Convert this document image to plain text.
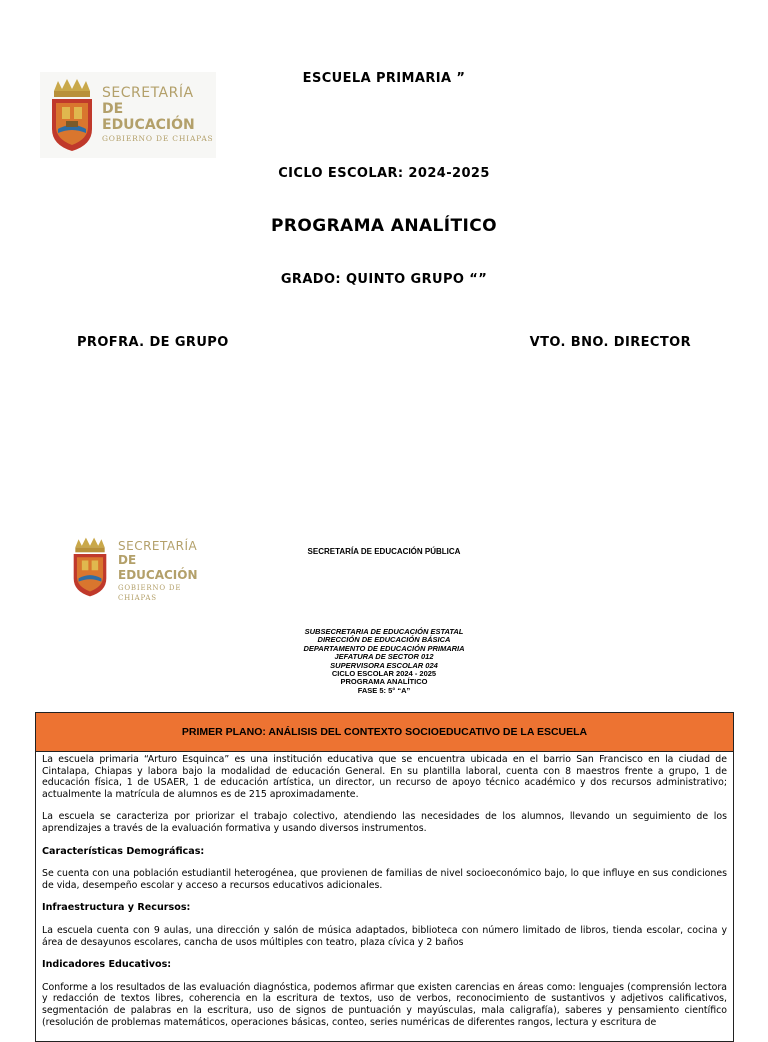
SECRETARÍA
DE EDUCACIÓN
GOBIERNO DE CHIAPAS
ESCUELA PRIMARIA ”
CICLO ESCOLAR: 2024-2025
PROGRAMA ANALÍTICO
GRADO: QUINTO GRUPO “”
PROFRA. DE GRUPO	VTO. BNO. DIRECTOR
SECRETARÍA
DE EDUCACIÓN
GOBIERNO DE CHIAPAS
SECRETARÍA DE EDUCACIÓN PÚBLICA
SUBSECRETARIA DE EDUCACIÓN ESTATAL
DIRECCIÓN DE EDUCACIÓN BÁSICA
DEPARTAMENTO DE EDUCACIÓN PRIMARIA
JEFATURA DE SECTOR 012
SUPERVISORA ESCOLAR 024
CICLO ESCOLAR 2024 - 2025
PROGRAMA ANALÍTICO
FASE 5: 5° “A”
PRIMER PLANO: ANÁLISIS DEL CONTEXTO SOCIOEDUCATIVO DE LA ESCUELA

La escuela primaria “Arturo Esquinca” es una institución educativa que se encuentra ubicada en el barrio San Francisco en la ciudad de Cintalapa, Chiapas y labora bajo la modalidad de educación General. En su plantilla laboral, cuenta con 8 maestros frente a grupo, 1 de educación física, 1 de USAER, 1 de educación artística, un director, un recurso de apoyo técnico académico y dos recursos administrativo; actualmente la matrícula de alumnos es de 215 aproximadamente.

La escuela se caracteriza por priorizar el trabajo colectivo, atendiendo las necesidades de los alumnos, llevando un seguimiento de los aprendizajes a través de la evaluación formativa y usando diversos instrumentos.

Características Demográficas:

Se cuenta con una población estudiantil heterogénea, que provienen de familias de nivel socioeconómico bajo, lo que influye en sus condiciones de vida, desempeño escolar y acceso a recursos educativos adicionales.

Infraestructura y Recursos:

La escuela cuenta con 9 aulas, una dirección y salón de música adaptados, biblioteca con número limitado de libros, tienda escolar, cocina y área de desayunos escolares, cancha de usos múltiples con teatro, plaza cívica y 2 baños

Indicadores Educativos:

Conforme a los resultados de las evaluación diagnóstica, podemos afirmar que existen carencias en áreas como: lenguajes (comprensión lectora y redacción de textos libres, coherencia en la escritura de textos, uso de verbos, reconocimiento de sustantivos y adjetivos calificativos, segmentación de palabras en la escritura, uso de signos de puntuación y mayúsculas, mala caligrafía), saberes y pensamiento científico (resolución de problemas matemáticos, operaciones básicas, conteo, series numéricas de diferentes rangos, lectura y escritura de
